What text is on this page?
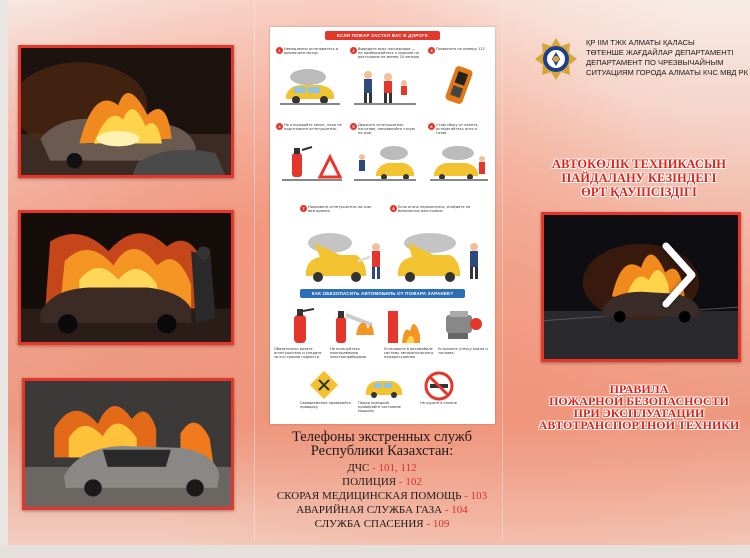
ЕСЛИ ПОЖАР ЗАСТАЛ ВАС В ДОРОГЕ
1 Немедленно остановитесь и выключите мотор
2 Выведите всех пассажиров — не приближайтесь к машине на расстояние не менее 20 метров
3 Позвоните по номеру 112
4 Не открывайте капот, пока не подготовите огнетушитель
5 Держите огнетушитель наготове, направляйте струю на очаг
6 Стою сбоку от капота, остерегайтесь огня и газов
7 Направьте огнетушитель на очаг возгорания
8 Если огонь перекинулся, отойдите на безопасное расстояние
КАК ОБЕЗОПАСИТЬ АВТОМОБИЛЬ ОТ ПОЖАРА ЗАРАНЕЕ?
Обязательно возите огнетушитель и следите за его сроком годности
Не пользуйтесь неисправными электроприборами
Установите в автомобиле систему автоматического пожаротушения
Устраните утечку масла и топлива
Своевременно проверяйте проводку
Перед поездкой проверяйте состояние машины
Не курите в салоне
Телефоны экстренных служб
Республики Казахстан:
ДЧС - 101, 112
ПОЛИЦИЯ - 102
СКОРАЯ МЕДИЦИНСКАЯ ПОМОЩЬ - 103
АВАРИЙНАЯ СЛУЖБА ГАЗА - 104
СЛУЖБА СПАСЕНИЯ - 109
ҚР ІІМ ТЖК АЛМАТЫ ҚАЛАСЫ
ТӨТЕНШЕ ЖАҒДАЙЛАР ДЕПАРТАМЕНТІ
ДЕПАРТАМЕНТ ПО ЧРЕЗВЫЧАЙНЫМ
СИТУАЦИЯМ ГОРОДА АЛМАТЫ КЧС МВД РК
АВТОКӨЛІК ТЕХНИКАСЫН
ПАЙДАЛАНУ КЕЗІНДЕГІ
ӨРТ ҚАУІПСІЗДІГІ
ПРАВИЛА
ПОЖАРНОЙ БЕЗОПАСНОСТИ
ПРИ ЭКСПЛУАТАЦИИ
АВТОТРАНСПОРТНОЙ ТЕХНИКИ
